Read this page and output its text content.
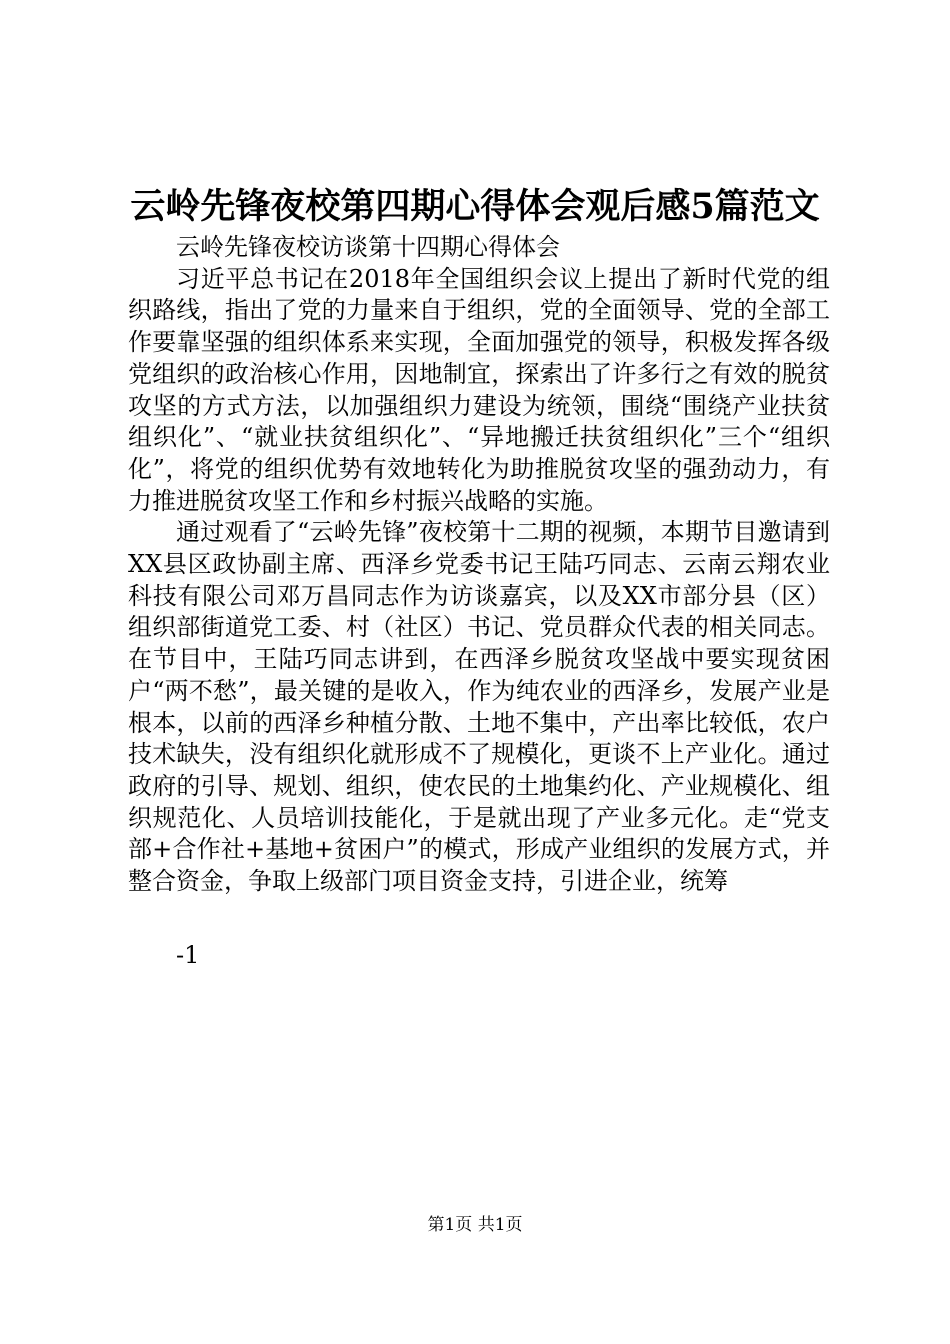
云岭先锋夜校第四期心得体会观后感5篇范文

云岭先锋夜校访谈第十四期心得体会

习近平总书记在2018年全国组织会议上提出了新时代党的组织路线，指出了党的力量来自于组织，党的全面领导、党的全部工作要靠坚强的组织体系来实现，全面加强党的领导，积极发挥各级党组织的政治核心作用，因地制宜，探索出了许多行之有效的脱贫攻坚的方式方法，以加强组织力建设为统领，围绕“围绕产业扶贫组织化”、“就业扶贫组织化”、“异地搬迁扶贫组织化”三个“组织化”，将党的组织优势有效地转化为助推脱贫攻坚的强劲动力，有力推进脱贫攻坚工作和乡村振兴战略的实施。

通过观看了“云岭先锋”夜校第十二期的视频，本期节目邀请到XX县区政协副主席、西泽乡党委书记王陆巧同志、云南云翔农业科技有限公司邓万昌同志作为访谈嘉宾，以及XX市部分县（区）组织部街道党工委、村（社区）书记、党员群众代表的相关同志。在节目中，王陆巧同志讲到，在西泽乡脱贫攻坚战中要实现贫困户“两不愁”，最关键的是收入，作为纯农业的西泽乡，发展产业是根本，以前的西泽乡种植分散、土地不集中，产出率比较低，农户技术缺失，没有组织化就形成不了规模化，更谈不上产业化。通过政府的引导、规划、组织，使农民的土地集约化、产业规模化、组织规范化、人员培训技能化，于是就出现了产业多元化。走“党支部+合作社+基地+贫困户”的模式，形成产业组织的发展方式，并整合资金，争取上级部门项目资金支持，引进企业，统筹

-1

第1页 共1页
